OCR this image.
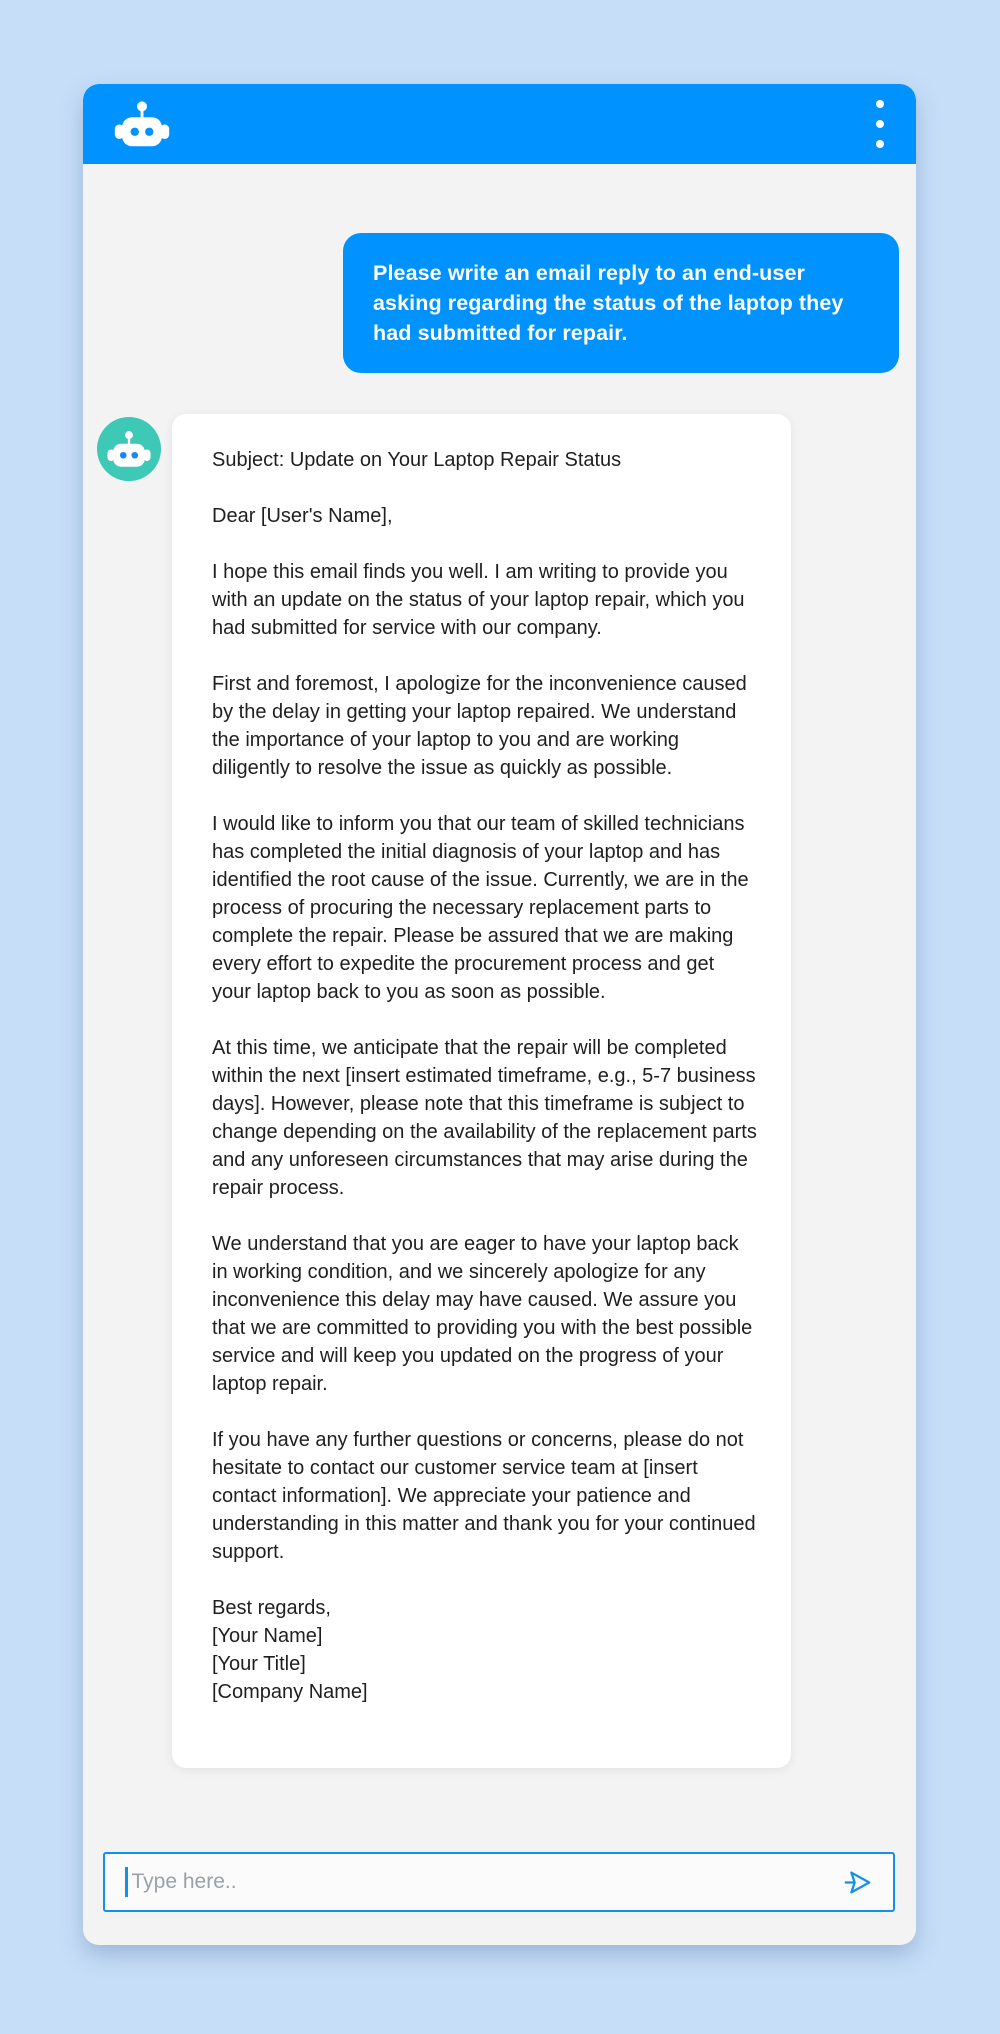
Please write an email reply to an end-user asking regarding the status of the laptop they had submitted for repair.

Subject: Update on Your Laptop Repair Status

Dear [User's Name],

I hope this email finds you well. I am writing to provide you with an update on the status of your laptop repair, which you had submitted for service with our company.

First and foremost, I apologize for the inconvenience caused by the delay in getting your laptop repaired. We understand the importance of your laptop to you and are working diligently to resolve the issue as quickly as possible.

I would like to inform you that our team of skilled technicians has completed the initial diagnosis of your laptop and has identified the root cause of the issue. Currently, we are in the process of procuring the necessary replacement parts to complete the repair. Please be assured that we are making every effort to expedite the procurement process and get your laptop back to you as soon as possible.

At this time, we anticipate that the repair will be completed within the next [insert estimated timeframe, e.g., 5-7 business days]. However, please note that this timeframe is subject to change depending on the availability of the replacement parts and any unforeseen circumstances that may arise during the repair process.

We understand that you are eager to have your laptop back in working condition, and we sincerely apologize for any inconvenience this delay may have caused. We assure you that we are committed to providing you with the best possible service and will keep you updated on the progress of your laptop repair.

If you have any further questions or concerns, please do not hesitate to contact our customer service team at [insert contact information]. We appreciate your patience and understanding in this matter and thank you for your continued support.

Best regards,
[Your Name]
[Your Title]
[Company Name]
Type here..
